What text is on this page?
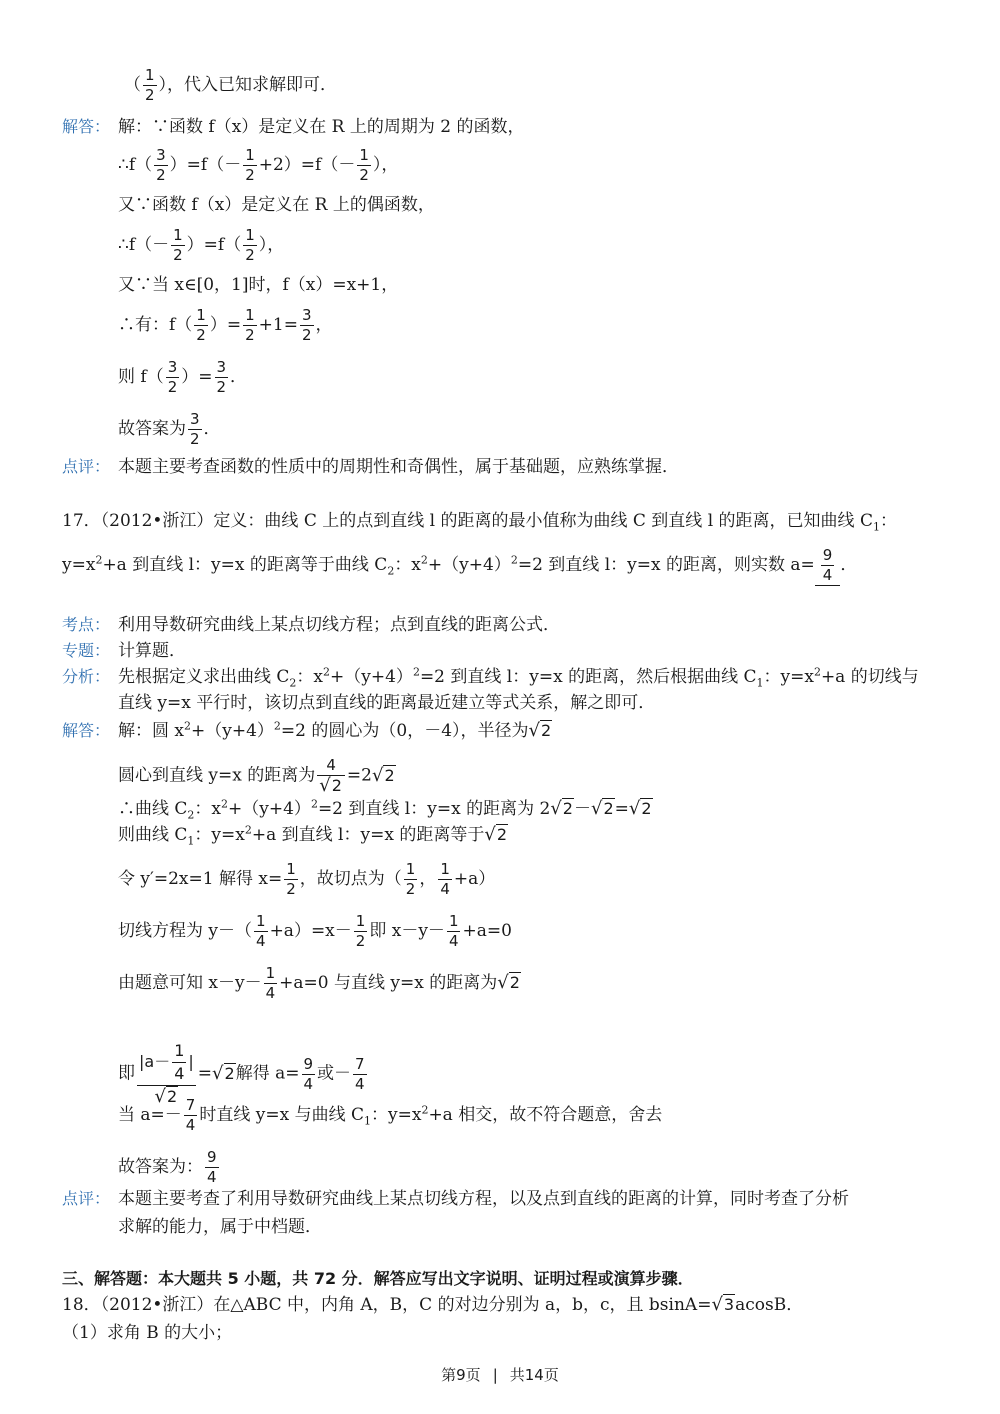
（ $\frac{1}{2}$ ），代入已知求解即可．
解答： 解：∵函数 f（x）是定义在 R 上的周期为 2 的函数，
∴f（ $\frac{3}{2} )=f(- \frac{1}{2} +2)=f(- \frac{1}{2}$ ），
又∵函数 f（x）是定义在 R 上的偶函数，
∴f（－ $\frac{1}{2} )=f( \frac{1}{2}$ ），
又∵当 x∈[0，1]时，f（x）=x+1，
∴有：$f( \frac{1}{2}$ ）= $\frac{1}{2} +1= \frac{3}{2}$ ，
则 $f( \frac{3}{2}$ ）= $\frac{3}{2}$ ．
故答案为 $\frac{3}{2}$ ．
点评： 本题主要考查函数的性质中的周期性和奇偶性，属于基础题，应熟练掌握．
17．（2012•浙江）定义：曲线 C 上的点到直线 l 的距离的最小值称为曲线 C 到直线 l 的距离，已知曲线 $C_1$：
$y=x^2+a$ 到直线 l：y=x 的距离等于曲线 $C_2$：$x^2+(y+4)^2=2$ 到直线 l：y=x 的距离，则实数 $a= \frac{9}{4}$ ．
考点： 利用导数研究曲线上某点切线方程；点到直线的距离公式．
专题： 计算题．
分析： 先根据定义求出曲线 $C_2$：$x^2+(y+4)^2=2$ 到直线 l：y=x 的距离，然后根据曲线 $C_1$：$y=x^2+a$ 的切线与
直线 y=x 平行时，该切点到直线的距离最近建立等式关系，解之即可．
解答： 解：圆 $x^2+(y+4)^2=2$ 的圆心为（0，－4），半径为√2
圆心到直线 y=x 的距离为 $\frac{4}{√2} =2√2$
∴曲线 $C_2$：$x^2+(y+4)^2=2$ 到直线 l：y=x 的距离为 2√2－√2=√2
则曲线 $C_1$：$y=x^2+a$ 到直线 l：y=x 的距离等于√2
令 y′=2x=1 解得 $x= \frac{1}{2}$ ，故切点为（ $\frac{1}{2}$ ， $\frac{1}{4} +a$）
切线方程为 $y-( \frac{1}{4} +a)=x- \frac{1}{2}$ 即 $x-y- \frac{1}{4} +a=0$
由题意可知 $x-y- \frac{1}{4} +a=0$ 与直线 y=x 的距离为√2
即 $\frac{|a- \frac{1}{4} |}{√2} =√2$解得 $a= \frac{9}{4}$ 或－ $\frac{7}{4}$
当 $a=- \frac{7}{4}$ 时直线 y=x 与曲线 $C_1$：$y=x^2+a$ 相交，故不符合题意，舍去
故答案为： $\frac{9}{4}$
点评： 本题主要考查了利用导数研究曲线上某点切线方程，以及点到直线的距离的计算，同时考查了分析
求解的能力，属于中档题．
三、解答题：本大题共 5 小题，共 72 分．解答应写出文字说明、证明过程或演算步骤．
18．（2012•浙江）在△ABC 中，内角 A，B，C 的对边分别为 a，b，c，且 bsinA=√3acosB．
（1）求角 B 的大小；
第9页 | 共14页
